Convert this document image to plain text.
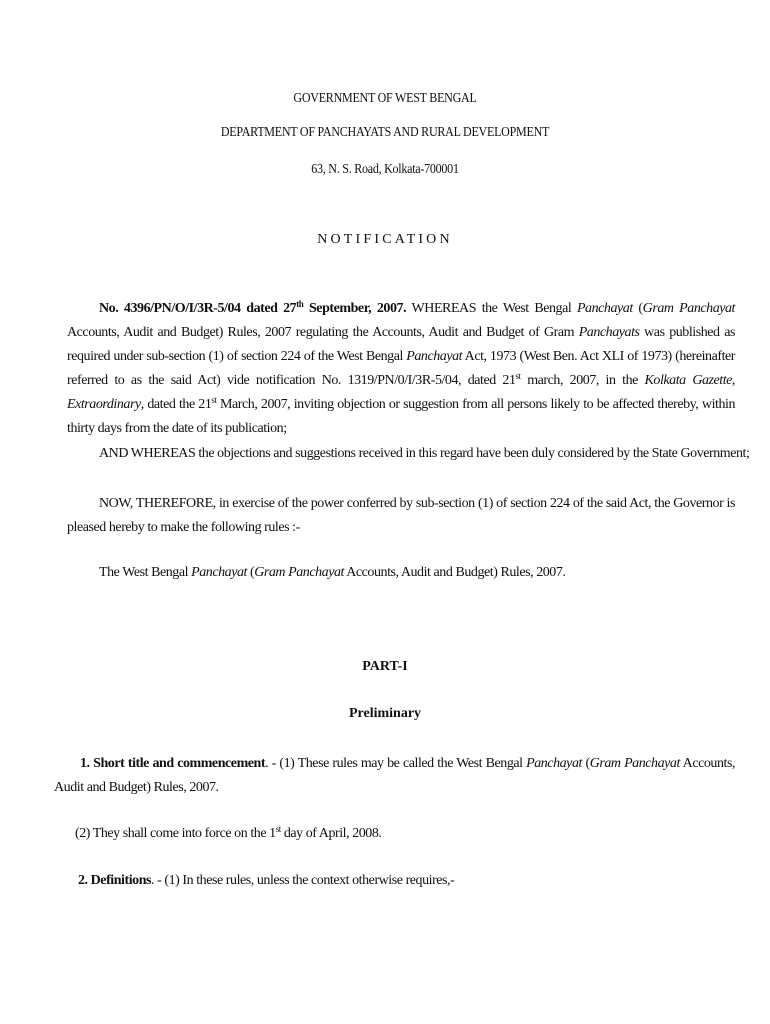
GOVERNMENT OF WEST BENGAL
DEPARTMENT OF PANCHAYATS AND RURAL DEVELOPMENT
63, N. S. Road, Kolkata-700001
NOTIFICATION
No. 4396/PN/O/I/3R-5/04 dated 27th September, 2007. WHEREAS the West Bengal Panchayat (Gram Panchayat Accounts, Audit and Budget) Rules, 2007 regulating the Accounts, Audit and Budget of Gram Panchayats was published as required under sub-section (1) of section 224 of the West Bengal Panchayat Act, 1973 (West Ben. Act XLI of 1973) (hereinafter referred to as the said Act) vide notification No. 1319/PN/0/I/3R-5/04, dated 21st march, 2007, in the Kolkata Gazette, Extraordinary, dated the 21st March, 2007, inviting objection or suggestion from all persons likely to be affected thereby, within thirty days from the date of its publication;
AND WHEREAS the objections and suggestions received in this regard have been duly considered by the State Government;
NOW, THEREFORE, in exercise of the power conferred by sub-section (1) of section 224 of the said Act, the Governor is pleased hereby to make the following rules :-
The West Bengal Panchayat (Gram Panchayat Accounts, Audit and Budget) Rules, 2007.
PART-I
Preliminary
1. Short title and commencement. - (1) These rules may be called the West Bengal Panchayat (Gram Panchayat Accounts, Audit and Budget) Rules, 2007.
(2) They shall come into force on the 1st day of April, 2008.
2. Definitions. - (1) In these rules, unless the context otherwise requires,-
